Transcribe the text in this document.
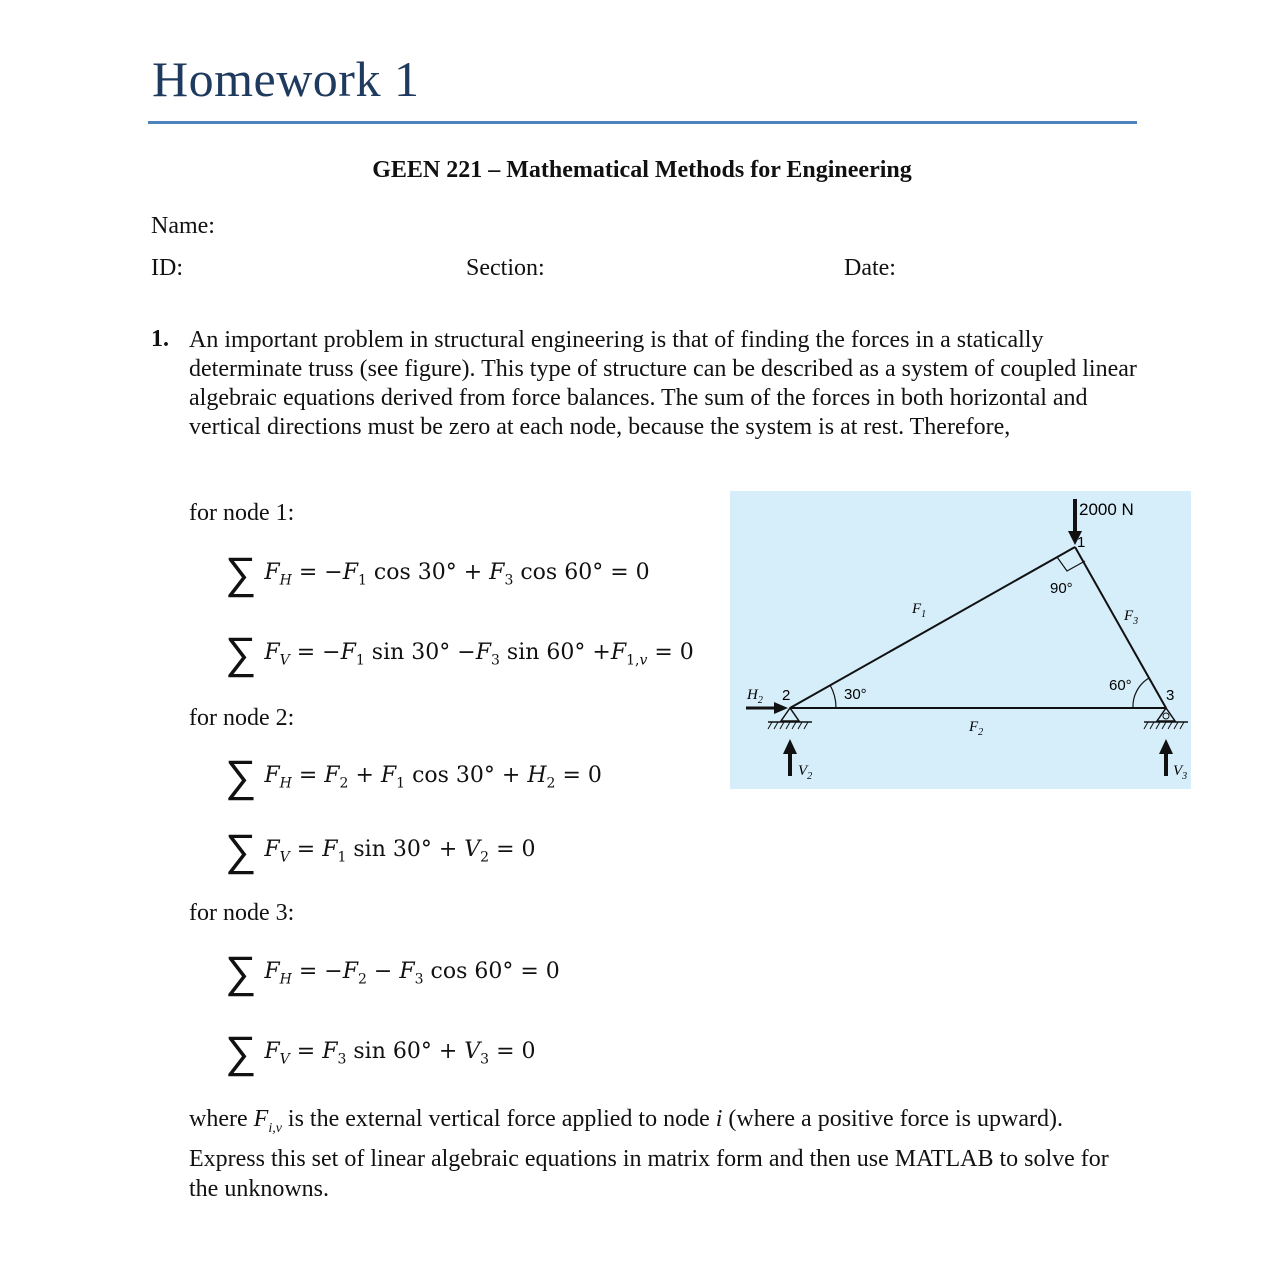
Homework 1
GEEN 221 – Mathematical Methods for Engineering
Name:
ID:	Section:	Date:
1. An important problem in structural engineering is that of finding the forces in a statically determinate truss (see figure). This type of structure can be described as a system of coupled linear algebraic equations derived from force balances. The sum of the forces in both horizontal and vertical directions must be zero at each node, because the system is at rest. Therefore,
for node 1:
∑ $F_H = -F_1$ $\cos 30^\circ + F_3$ cos 60° = 0
∑ $F_V = -F_1$ $\sin 30^\circ -F_3$ $\sin 60^\circ +F_{1,v} = 0$
for node 2:
∑ $F_H = F_2 + F_1$ $\cos 30^\circ + H_2 = 0$
∑ $F_V = F_1$ $\sin 30^\circ + V_2 = 0$
for node 3:
∑ $F_H = -F_2 - F_3$ cos 60° = 0
∑ $F_V = F_3$ $\sin 60^\circ + V_3 = 0$
where $F_{i,v}$ is the external vertical force applied to node i (where a positive force is upward).
Express this set of linear algebraic equations in matrix form and then use MATLAB to solve for the unknowns.
2000 N
1
2	3
90°
30°
60°
$F_1$	$F_3$
$F_2$
$H_2$
$V_2$	$V_3$
